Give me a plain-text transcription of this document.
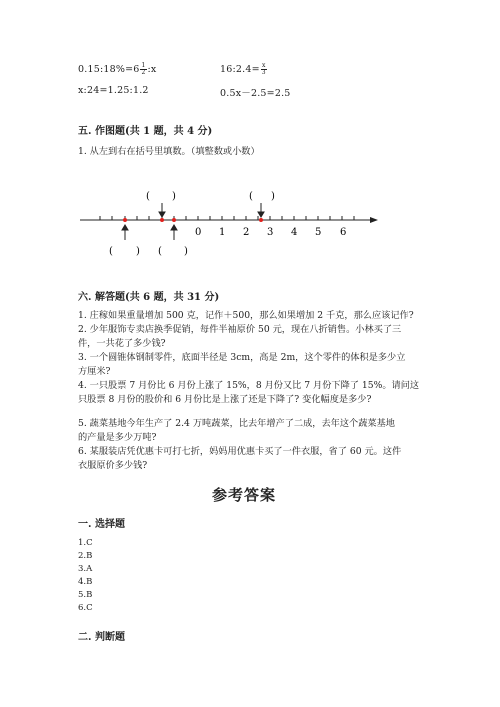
0.15:18%=6 $\frac{1}{2}$ :x	16:2.4= $\frac{x}{3}$
x:24=1.25:1.2	0.5x－2.5=2.5
五. 作图题(共 1 题，共 4 分)
1. 从左到右在括号里填数。（填整数或小数）
( )	( )
0 1 2 3 4 5 6
( ) ( )
六. 解答题(共 6 题，共 31 分)
1. 庄稼如果重量增加 500 克，记作＋500，那么如果增加 2 千克，那么应该记作?
2. 少年服饰专卖店换季促销，每件半袖原价 50 元，现在八折销售。小林买了三
件，一共花了多少钱?
3. 一个圆锥体钢制零件，底面半径是 3cm，高是 2m，这个零件的体积是多少立
方厘米?
4. 一只股票 7 月份比 6 月份上涨了 15%，8 月份又比 7 月份下降了 15%。请问这
只股票 8 月份的股价和 6 月份比是上涨了还是下降了? 变化幅度是多少?
5. 蔬菜基地今年生产了 2.4 万吨蔬菜，比去年增产了二成，去年这个蔬菜基地
的产量是多少万吨?
6. 某服装店凭优惠卡可打七折，妈妈用优惠卡买了一件衣服，省了 60 元。这件
衣服原价多少钱?
参考答案
一. 选择题
1.C
2.B
3.A
4.B
5.B
6.C
二. 判断题
